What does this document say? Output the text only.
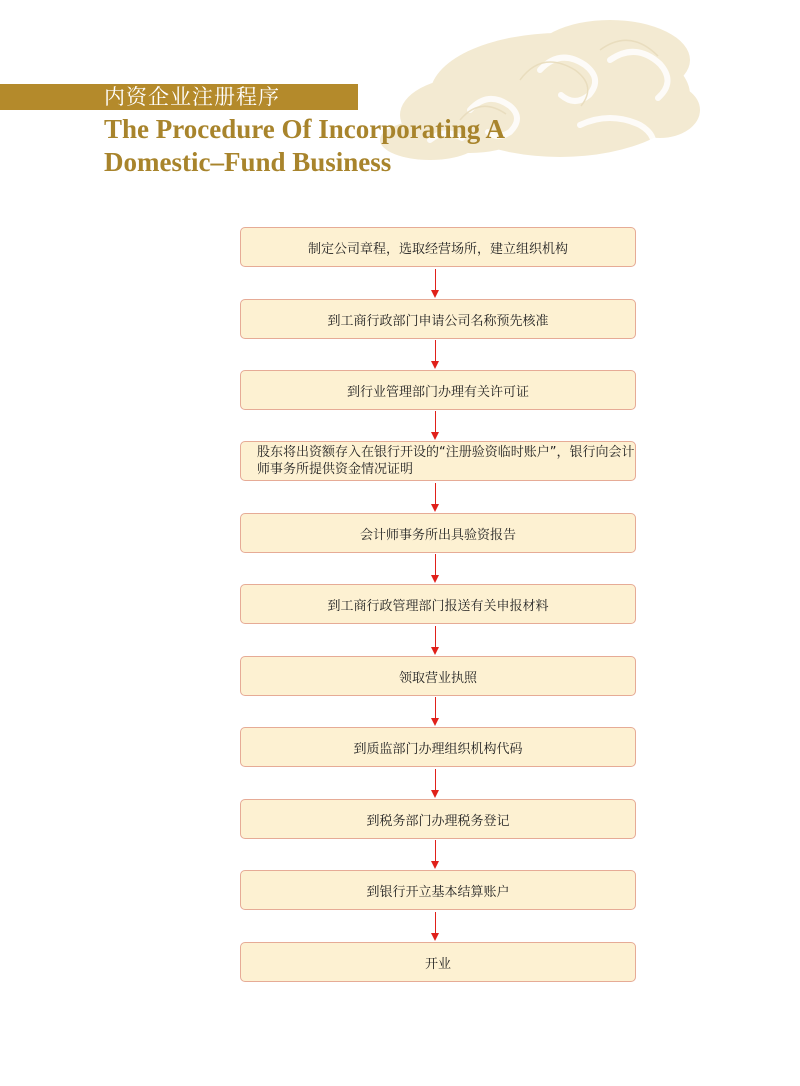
内资企业注册程序
The Procedure Of Incorporating A Domestic–Fund Business
制定公司章程，选取经营场所，建立组织机构
到工商行政部门申请公司名称预先核准
到行业管理部门办理有关许可证
股东将出资额存入在银行开设的“注册验资临时账户”，银行向会计师事务所提供资金情况证明
会计师事务所出具验资报告
到工商行政管理部门报送有关申报材料
领取营业执照
到质监部门办理组织机构代码
到税务部门办理税务登记
到银行开立基本结算账户
开业
